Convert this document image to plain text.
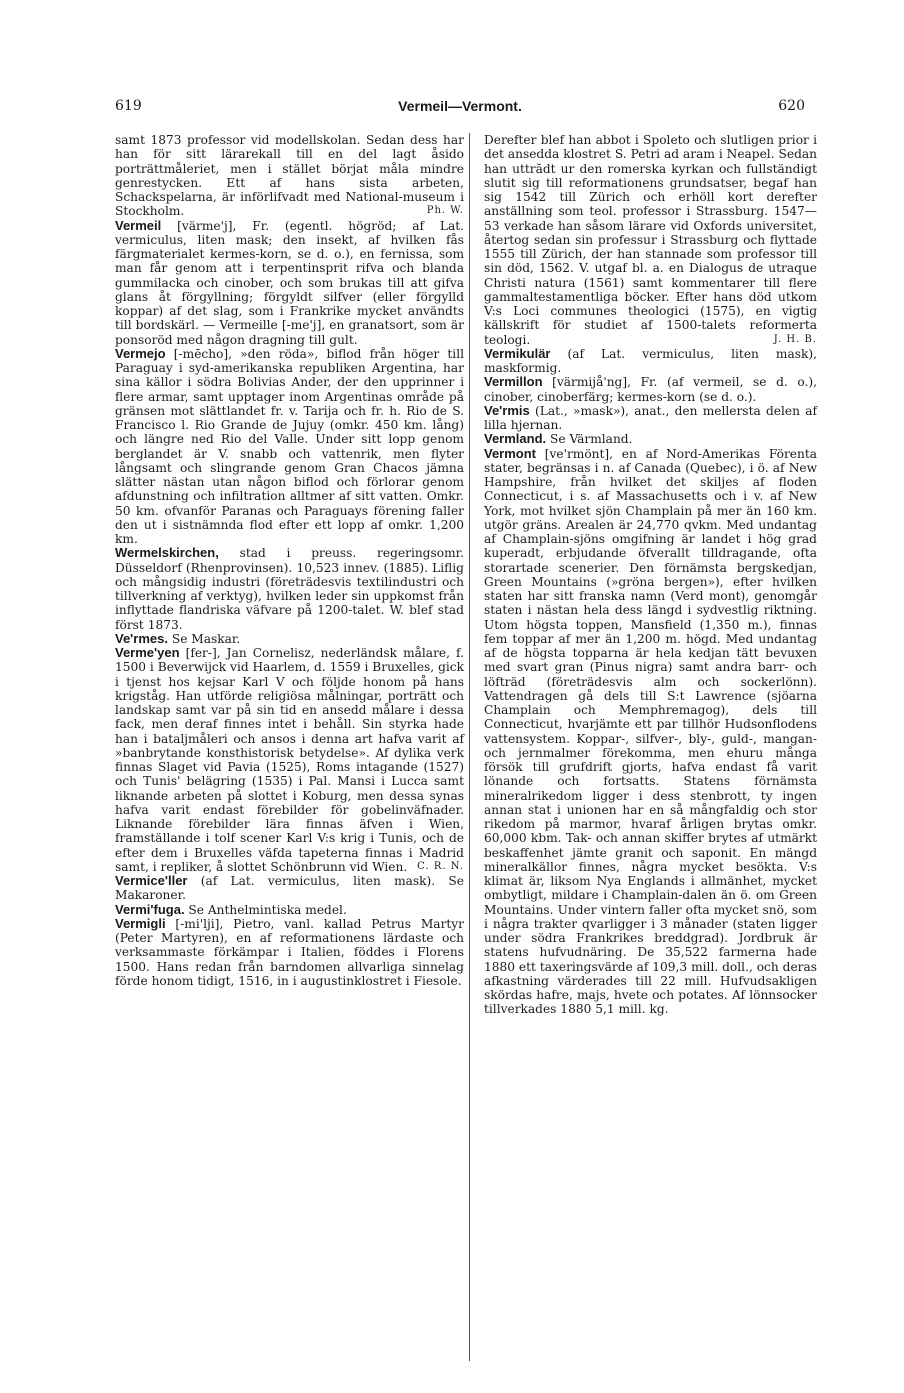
619	Vermeil—Vermont.	620

samt 1873 professor vid modellskolan. Sedan dess har han för sitt lärarekall till en del lagt åsido porträttmåleriet, men i stället börjat måla mindre genrestycken. Ett af hans sista arbeten, Schackspelarna, är införlifvadt med National-museum i Stockholm.	Ph. W.

Vermeil [värme'j], Fr. (egentl. högröd; af Lat. vermiculus, liten mask; den insekt, af hvilken fås färgmaterialet kermes-korn, se d. o.), en fernissa, som man får genom att i terpentinsprit rifva och blanda gummilacka och cinober, och som brukas till att gifva glans åt förgyllning; förgyldt silfver (eller förgylld koppar) af det slag, som i Frankrike mycket användts till bordskärl. — Vermeille [-me'j], en granatsort, som är ponsoröd med någon dragning till gult.

Vermejo [-mēcho], »den röda», biflod från höger till Paraguay i syd-amerikanska republiken Argentina, har sina källor i södra Bolivias Ander, der den upprinner i flere armar, samt upptager inom Argentinas område på gränsen mot slättlandet fr. v. Tarija och fr. h. Rio de S. Francisco l. Rio Grande de Jujuy (omkr. 450 km. lång) och längre ned Rio del Valle. Under sitt lopp genom berglandet är V. snabb och vattenrik, men flyter långsamt och slingrande genom Gran Chacos jämna slätter nästan utan någon biflod och förlorar genom afdunstning och infiltration alltmer af sitt vatten. Omkr. 50 km. ofvanför Paranas och Paraguays förening faller den ut i sistnämnda flod efter ett lopp af omkr. 1,200 km.

Wermelskirchen, stad i preuss. regeringsomr. Düsseldorf (Rhenprovinsen). 10,523 innev. (1885). Liflig och mångsidig industri (företrädesvis textilindustri och tillverkning af verktyg), hvilken leder sin uppkomst från inflyttade flandriska väfvare på 1200-talet. W. blef stad först 1873.

Ve'rmes. Se Maskar.

Verme'yen [fer-], Jan Cornelisz, nederländsk målare, f. 1500 i Beverwijck vid Haarlem, d. 1559 i Bruxelles, gick i tjenst hos kejsar Karl V och följde honom på hans krigståg. Han utförde religiösa målningar, porträtt och landskap samt var på sin tid en ansedd målare i dessa fack, men deraf finnes intet i behåll. Sin styrka hade han i bataljmåleri och ansos i denna art hafva varit af »banbrytande konsthistorisk betydelse». Af dylika verk finnas Slaget vid Pavia (1525), Roms intagande (1527) och Tunis' belägring (1535) i Pal. Mansi i Lucca samt liknande arbeten på slottet i Koburg, men dessa synas hafva varit endast förebilder för gobelinväfnader. Liknande förebilder lära finnas äfven i Wien, framställande i tolf scener Karl V:s krig i Tunis, och de efter dem i Bruxelles väfda tapeterna finnas i Madrid samt, i repliker, å slottet Schönbrunn vid Wien. C. R. N.

Vermice'ller (af Lat. vermiculus, liten mask). Se Makaroner.

Vermi'fuga. Se Anthelmintiska medel.

Vermigli [-mi'lji], Pietro, vanl. kallad Petrus Martyr (Peter Martyren), en af reformationens lärdaste och verksammaste förkämpar i Italien, föddes i Florens 1500. Hans redan från barndomen allvarliga sinnelag förde honom tidigt, 1516, in i augustinklostret i Fiesole.

Derefter blef han abbot i Spoleto och slutligen prior i det ansedda klostret S. Petri ad aram i Neapel. Sedan han uttrădt ur den romerska kyrkan och fullständigt slutit sig till reformationens grundsatser, begaf han sig 1542 till Zürich och erhöll kort derefter anställning som teol. professor i Strassburg. 1547—53 verkade han såsom lärare vid Oxfords universitet, återtog sedan sin professur i Strassburg och flyttade 1555 till Zürich, der han stannade som professor till sin död, 1562. V. utgaf bl. a. en Dialogus de utraque Christi natura (1561) samt kommentarer till flere gammaltestamentliga böcker. Efter hans död utkom V:s Loci communes theologici (1575), en vigtig källskrift för studiet af 1500-talets reformerta teologi.	J. H. B.

Vermikulär (af Lat. vermiculus, liten mask), maskformig.

Vermillon [värmijå'ng], Fr. (af vermeil, se d. o.), cinober, cinoberfärg; kermes-korn (se d. o.).

Ve'rmis (Lat., »mask»), anat., den mellersta delen af lilla hjernan.

Vermland. Se Värmland.

Vermont [ve'rmönt], en af Nord-Amerikas Förenta stater, begränsas i n. af Canada (Quebec), i ö. af New Hampshire, från hvilket det skiljes af floden Connecticut, i s. af Massachusetts och i v. af New York, mot hvilket sjön Champlain på mer än 160 km. utgör gräns. Arealen är 24,770 qvkm. Med undantag af Champlain-sjöns omgifning är landet i hög grad kuperadt, erbjudande öfverallt tilldragande, ofta storartade scenerier. Den förnämsta bergskedjan, Green Mountains (»gröna bergen»), efter hvilken staten har sitt franska namn (Verd mont), genomgår staten i nästan hela dess längd i sydvestlig riktning. Utom högsta toppen, Mansfield (1,350 m.), finnas fem toppar af mer än 1,200 m. högd. Med undantag af de högsta topparna är hela kedjan tätt bevuxen med svart gran (Pinus nigra) samt andra barr- och löfträd (företrädesvis alm och sockerlönn). Vattendragen gå dels till S:t Lawrence (sjöarna Champlain och Memphremagog), dels till Connecticut, hvarjämte ett par tillhör Hudsonflodens vattensystem. Koppar-, silfver-, bly-, guld-, mangan- och jernmalmer förekomma, men ehuru många försök till grufdrift gjorts, hafva endast få varit lönande och fortsatts. Statens förnämsta mineralrikedom ligger i dess stenbrott, ty ingen annan stat i unionen har en så mångfaldig och stor rikedom på marmor, hvaraf årligen brytas omkr. 60,000 kbm. Tak- och annan skiffer brytes af utmärkt beskaffenhet jämte granit och saponit. En mängd mineralkällor finnes, några mycket besökta. V:s klimat är, liksom Nya Englands i allmänhet, mycket ombytligt, mildare i Champlain-dalen än ö. om Green Mountains. Under vintern faller ofta mycket snö, som i några trakter qvarligger i 3 månader (staten ligger under södra Frankrikes breddgrad). Jordbruk är statens hufvudnäring. De 35,522 farmerna hade 1880 ett taxeringsvärde af 109,3 mill. doll., och deras afkastning värderades till 22 mill. Hufvudsakligen skördas hafre, majs, hvete och potates. Af lönnsocker tillverkades 1880 5,1 mill. kg.
